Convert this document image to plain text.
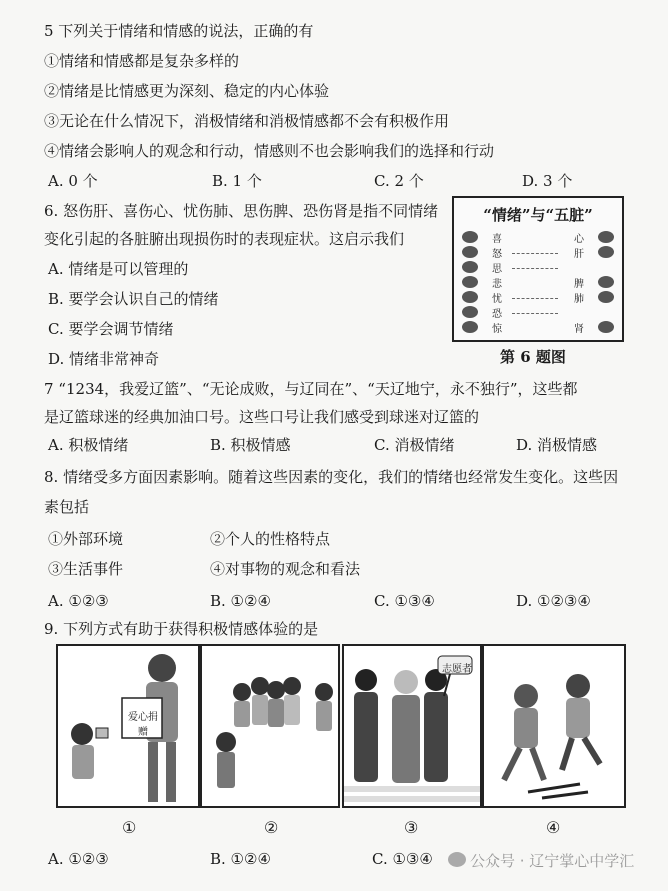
5 下列关于情绪和情感的说法，正确的有
①情绪和情感都是复杂多样的
②情绪是比情感更为深刻、稳定的内心体验
③无论在什么情况下，消极情绪和消极情感都不会有积极作用
④情绪会影响人的观念和行动，情感则不也会影响我们的选择和行动
A. 0 个	B. 1 个	C. 2 个	D. 3 个
6. 怒伤肝、喜伤心、忧伤肺、思伤脾、恐伤肾是指不同情绪
变化引起的各脏腑出现损伤时的表现症状。这启示我们
A. 情绪是可以管理的
B. 要学会认识自己的情绪
C. 要学会调节情绪
D. 情绪非常神奇
“情绪”与“五脏”
喜	心
怒	肝
思
悲	脾
忧	肺
恐
惊	肾
第 6 题图
7 “1234，我爱辽篮”、“无论成败，与辽同在”、“天辽地宁，永不独行”，这些都
是辽篮球迷的经典加油口号。这些口号让我们感受到球迷对辽篮的
A. 积极情绪	B. 积极情感	C. 消极情绪	D. 消极情感
8. 情绪受多方面因素影响。随着这些因素的变化，我们的情绪也经常发生变化。这些因
素包括
①外部环境	②个人的性格特点
③生活事件	④对事物的观念和看法
A. ①②③	B. ①②④	C. ①③④	D. ①②③④
9. 下列方式有助于获得积极情感体验的是
爱心捐赠
志愿者
①	②	③	④
A. ①②③	B. ①②④	C. ①③④ 公众号 · 辽宁掌心中学汇
